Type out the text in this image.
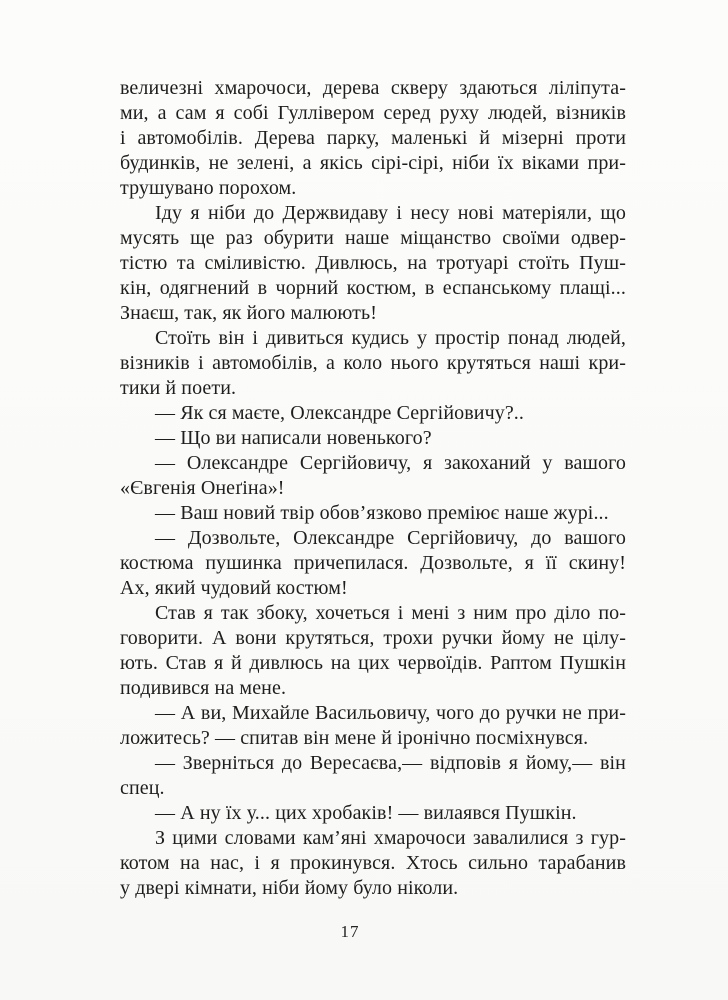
величезні хмарочоси, дерева скверу здаються ліліпута-
ми, а сам я собі Гуллівером серед руху людей, візників
і автомобілів. Дерева парку, маленькі й мізерні проти
будинків, не зелені, а якісь сірі-сірі, ніби їх віками при-
трушувано порохом.
Іду я ніби до Держвидаву і несу нові матеріяли, що
мусять ще раз обурити наше міщанство своїми одвер-
тістю та сміливістю. Дивлюсь, на тротуарі стоїть Пуш-
кін, одягнений в чорний костюм, в еспанському плащі...
Знаєш, так, як його малюють!
Стоїть він і дивиться кудись у простір понад людей,
візників і автомобілів, а коло нього крутяться наші кри-
тики й поети.
— Як ся маєте, Олександре Сергійовичу?..
— Що ви написали новенького?
— Олександре Сергійовичу, я закоханий у вашого
«Євгенія Онеґіна»!
— Ваш новий твір обов’язково преміює наше журі...
— Дозвольте, Олександре Сергійовичу, до вашого
костюма пушинка причепилася. Дозвольте, я її скину!
Ах, який чудовий костюм!
Став я так збоку, хочеться і мені з ним про діло по-
говорити. А вони крутяться, трохи ручки йому не цілу-
ють. Став я й дивлюсь на цих червоїдів. Раптом Пушкін
подивився на мене.
— А ви, Михайле Васильовичу, чого до ручки не при-
ложитесь? — спитав він мене й іронічно посміхнувся.
— Зверніться до Вересаєва,— відповів я йому,— він
спец.
— А ну їх у... цих хробаків! — вилаявся Пушкін.
З цими словами кам’яні хмарочоси завалилися з гур-
котом на нас, і я прокинувся. Хтось сильно тарабанив
у двері кімнати, ніби йому було ніколи.
17
